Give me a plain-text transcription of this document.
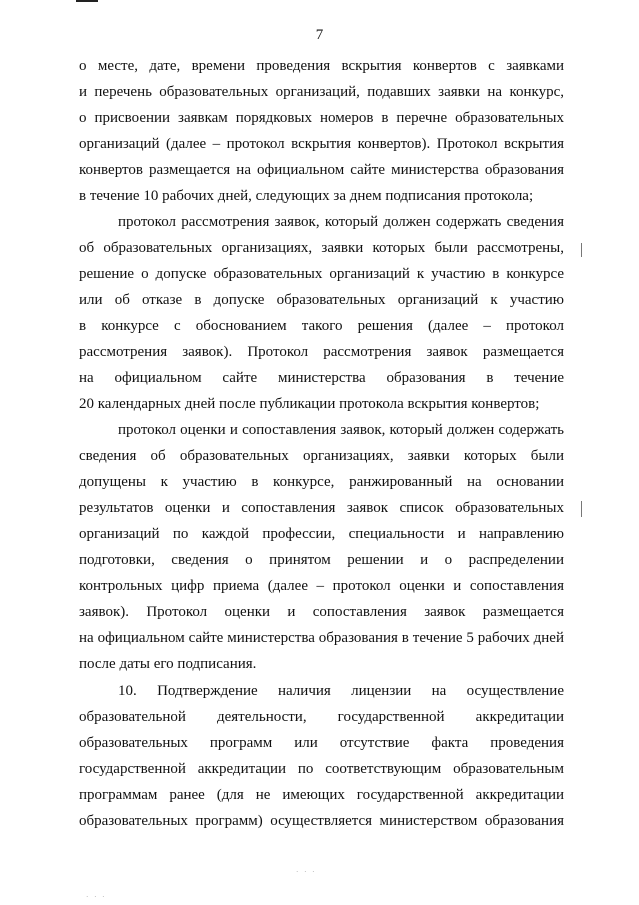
7
о месте, дате, времени проведения вскрытия конвертов с заявками
и перечень образовательных организаций, подавших заявки на конкурс,
о присвоении заявкам порядковых номеров в перечне образовательных
организаций (далее – протокол вскрытия конвертов). Протокол вскрытия
конвертов размещается на официальном сайте министерства образования
в течение 10 рабочих дней, следующих за днем подписания протокола;
протокол рассмотрения заявок, который должен содержать сведения
об образовательных организациях, заявки которых были рассмотрены,
решение о допуске образовательных организаций к участию в конкурсе
или об отказе в допуске образовательных организаций к участию
в конкурсе с обоснованием такого решения (далее – протокол
рассмотрения заявок). Протокол рассмотрения заявок размещается
на официальном сайте министерства образования в течение
20 календарных дней после публикации протокола вскрытия конвертов;
протокол оценки и сопоставления заявок, который должен содержать
сведения об образовательных организациях, заявки которых были
допущены к участию в конкурсе, ранжированный на основании
результатов оценки и сопоставления заявок список образовательных
организаций по каждой профессии, специальности и направлению
подготовки, сведения о принятом решении и о распределении
контрольных цифр приема (далее – протокол оценки и сопоставления
заявок). Протокол оценки и сопоставления заявок размещается
на официальном сайте министерства образования в течение 5 рабочих дней
после даты его подписания.
10. Подтверждение наличия лицензии на осуществление
образовательной деятельности, государственной аккредитации
образовательных программ или отсутствие факта проведения
государственной аккредитации по соответствующим образовательным
программам ранее (для не имеющих государственной аккредитации
образовательных программ) осуществляется министерством образования
· · ·
· · ·
